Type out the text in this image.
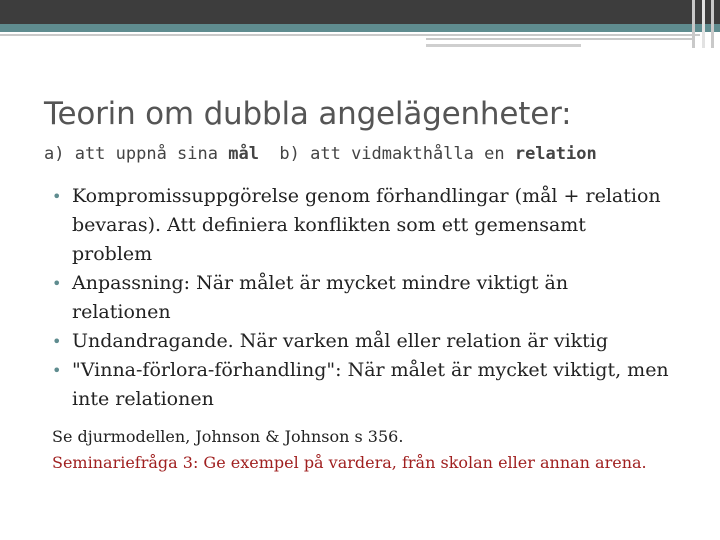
Teorin om dubbla angelägenheter:
a) att uppnå sina mål  b) att vidmakthålla en relation
• Kompromissuppgörelse genom förhandlingar (mål + relation bevaras). Att definiera konflikten som ett gemensamt problem
• Anpassning: När målet är mycket mindre viktigt än relationen
• Undandragande. När varken mål eller relation är viktig
• "Vinna-förlora-förhandling": När målet är mycket viktigt, men inte relationen
Se djurmodellen, Johnson & Johnson s 356.
Seminariefråga 3: Ge exempel på vardera, från skolan eller annan arena.
